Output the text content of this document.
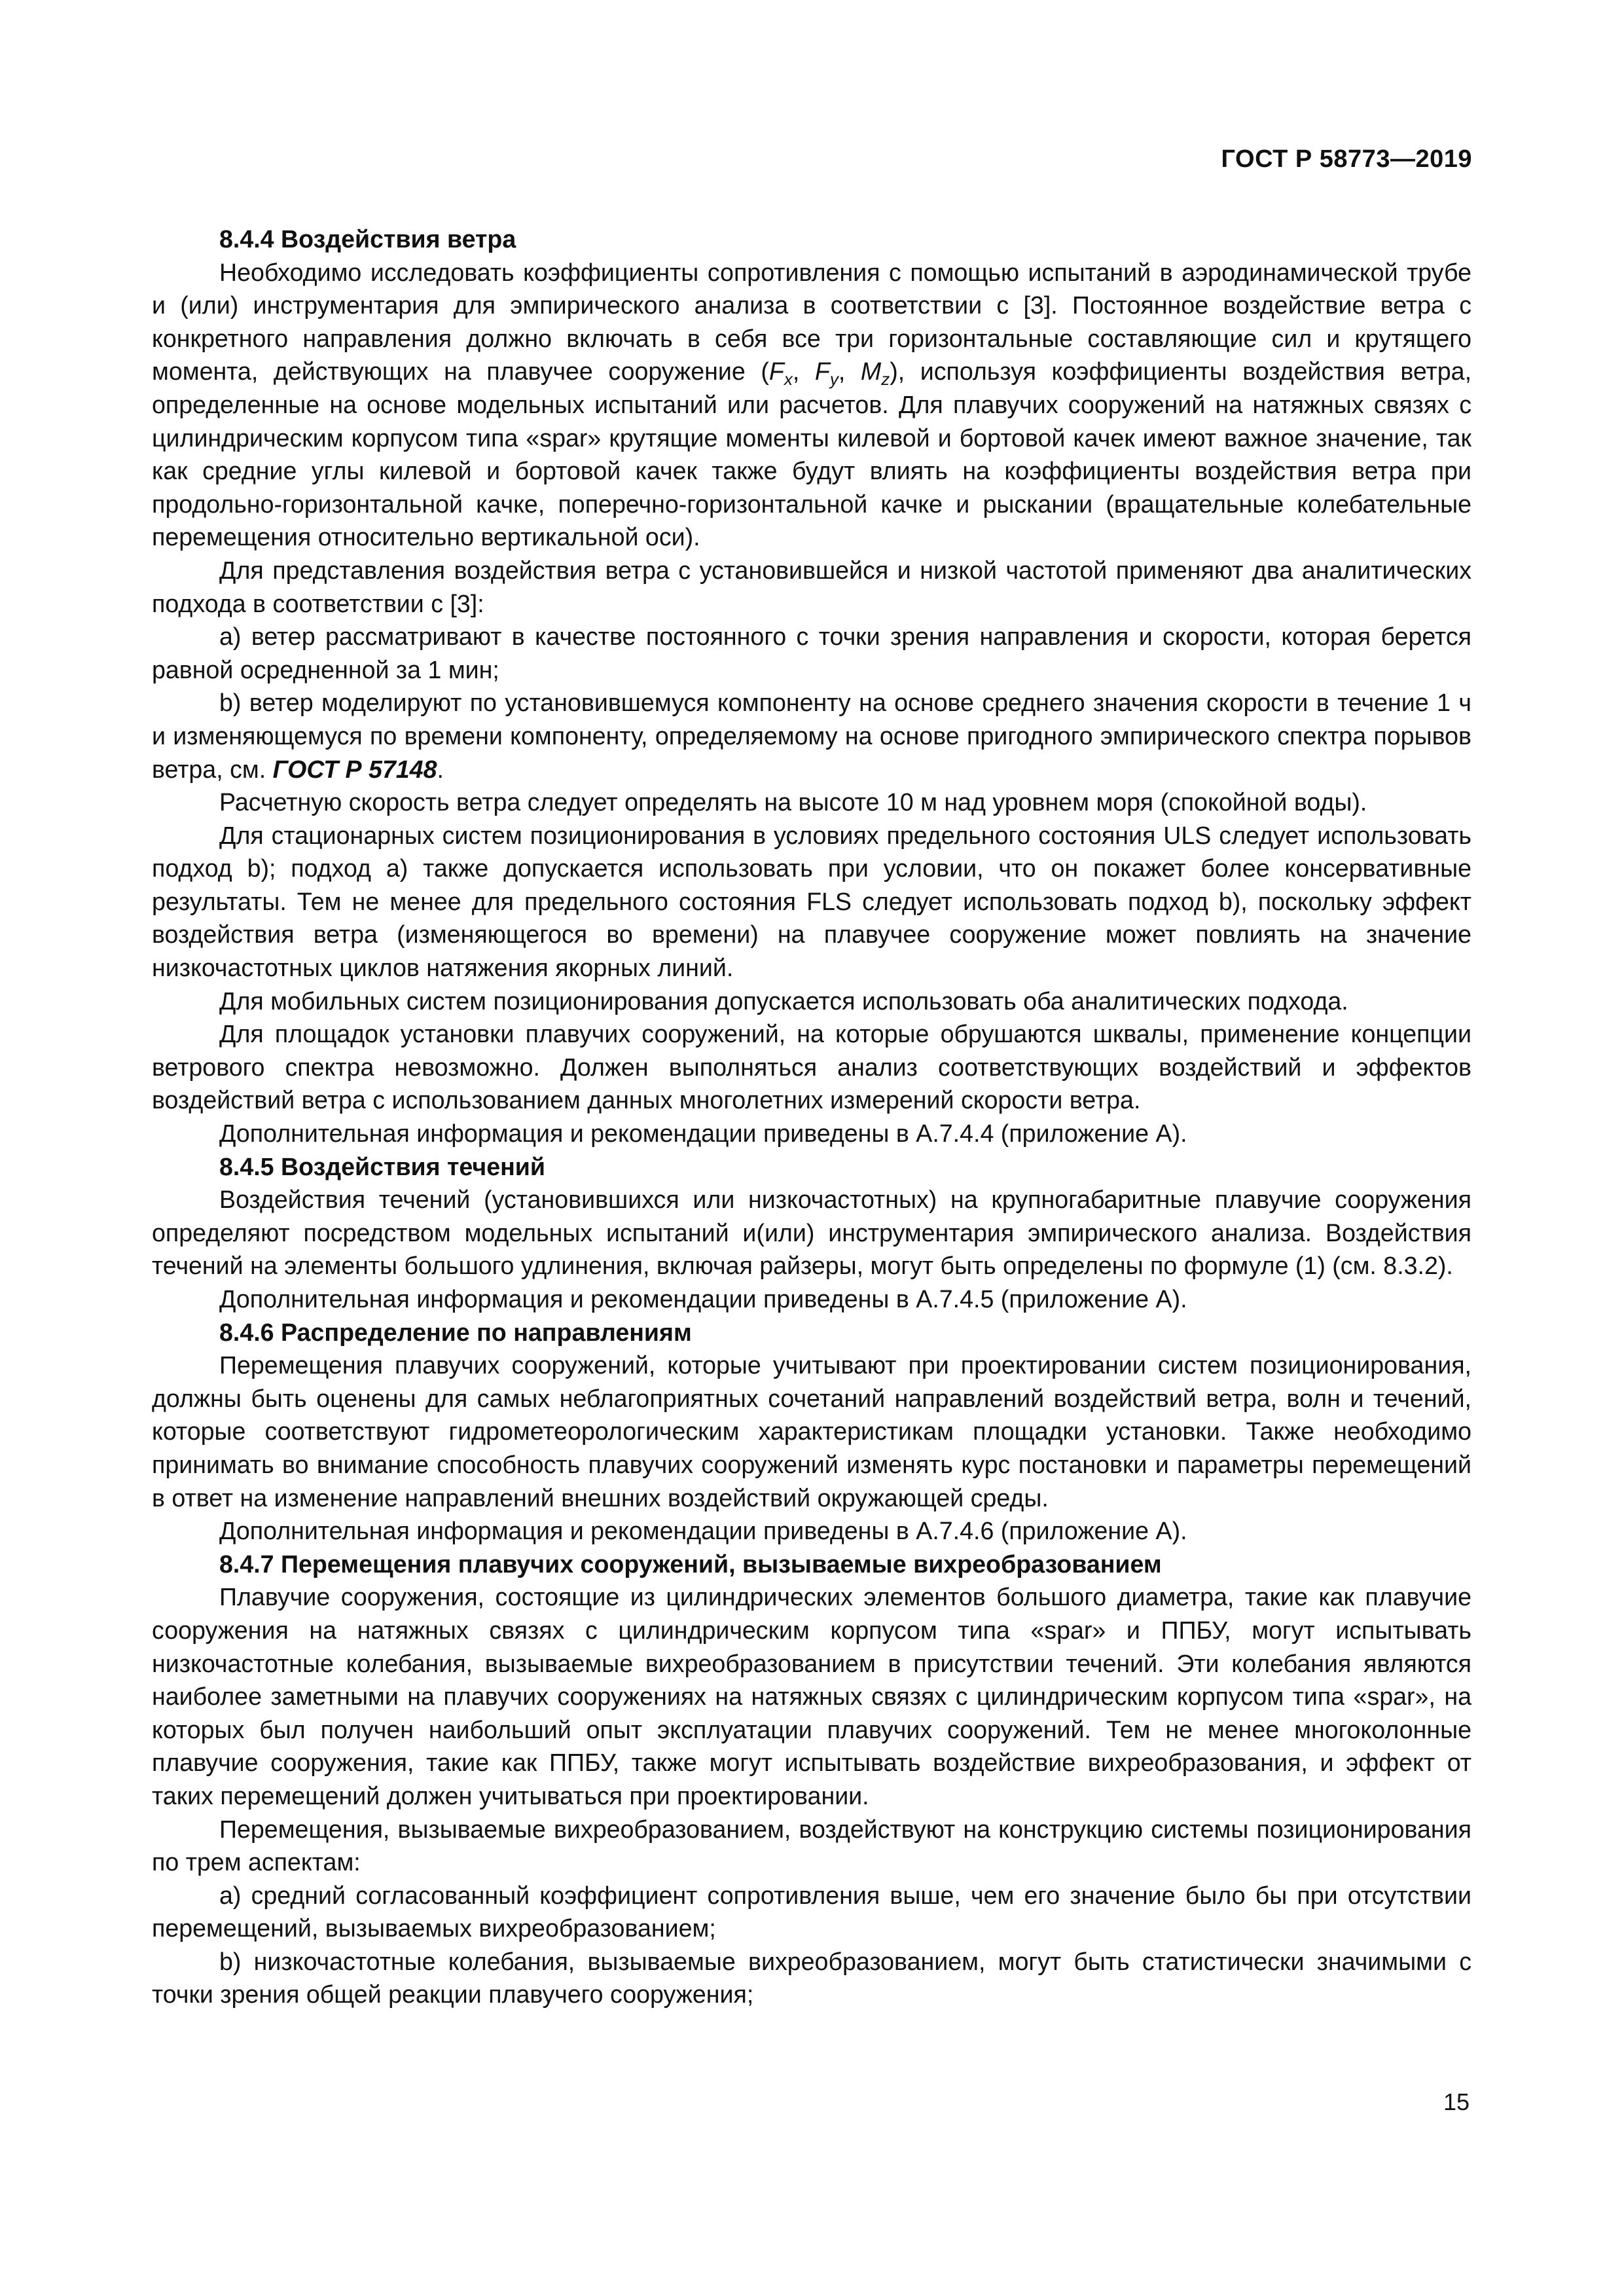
ГОСТ Р 58773—2019

8.4.4 Воздействия ветра

Необходимо исследовать коэффициенты сопротивления с помощью испытаний в аэродинамической трубе и (или) инструментария для эмпирического анализа в соответствии с [3]. Постоянное воздействие ветра с конкретного направления должно включать в себя все три горизонтальные составляющие сил и крутящего момента, действующих на плавучее сооружение ($F_x$, $F_y$, $M_z$), используя коэффициенты воздействия ветра, определенные на основе модельных испытаний или расчетов. Для плавучих сооружений на натяжных связях с цилиндрическим корпусом типа «spar» крутящие моменты килевой и бортовой качек имеют важное значение, так как средние углы килевой и бортовой качек также будут влиять на коэффициенты воздействия ветра при продольно-горизонтальной качке, поперечно-горизонтальной качке и рыскании (вращательные колебательные перемещения относительно вертикальной оси).

Для представления воздействия ветра с установившейся и низкой частотой применяют два аналитических подхода в соответствии с [3]:

а) ветер рассматривают в качестве постоянного с точки зрения направления и скорости, которая берется равной осредненной за 1 мин;

b) ветер моделируют по установившемуся компоненту на основе среднего значения скорости в течение 1 ч и изменяющемуся по времени компоненту, определяемому на основе пригодного эмпирического спектра порывов ветра, см. ГОСТ Р 57148.

Расчетную скорость ветра следует определять на высоте 10 м над уровнем моря (спокойной воды).

Для стационарных систем позиционирования в условиях предельного состояния ULS следует использовать подход b); подход а) также допускается использовать при условии, что он покажет более консервативные результаты. Тем не менее для предельного состояния FLS следует использовать подход b), поскольку эффект воздействия ветра (изменяющегося во времени) на плавучее сооружение может повлиять на значение низкочастотных циклов натяжения якорных линий.

Для мобильных систем позиционирования допускается использовать оба аналитических подхода.

Для площадок установки плавучих сооружений, на которые обрушаются шквалы, применение концепции ветрового спектра невозможно. Должен выполняться анализ соответствующих воздействий и эффектов воздействий ветра с использованием данных многолетних измерений скорости ветра.

Дополнительная информация и рекомендации приведены в А.7.4.4 (приложение А).

8.4.5 Воздействия течений

Воздействия течений (установившихся или низкочастотных) на крупногабаритные плавучие сооружения определяют посредством модельных испытаний и(или) инструментария эмпирического анализа. Воздействия течений на элементы большого удлинения, включая райзеры, могут быть определены по формуле (1) (см. 8.3.2).

Дополнительная информация и рекомендации приведены в А.7.4.5 (приложение А).

8.4.6 Распределение по направлениям

Перемещения плавучих сооружений, которые учитывают при проектировании систем позиционирования, должны быть оценены для самых неблагоприятных сочетаний направлений воздействий ветра, волн и течений, которые соответствуют гидрометеорологическим характеристикам площадки установки. Также необходимо принимать во внимание способность плавучих сооружений изменять курс постановки и параметры перемещений в ответ на изменение направлений внешних воздействий окружающей среды.

Дополнительная информация и рекомендации приведены в А.7.4.6 (приложение А).

8.4.7 Перемещения плавучих сооружений, вызываемые вихреобразованием

Плавучие сооружения, состоящие из цилиндрических элементов большого диаметра, такие как плавучие сооружения на натяжных связях с цилиндрическим корпусом типа «spar» и ППБУ, могут испытывать низкочастотные колебания, вызываемые вихреобразованием в присутствии течений. Эти колебания являются наиболее заметными на плавучих сооружениях на натяжных связях с цилиндрическим корпусом типа «spar», на которых был получен наибольший опыт эксплуатации плавучих сооружений. Тем не менее многоколонные плавучие сооружения, такие как ППБУ, также могут испытывать воздействие вихреобразования, и эффект от таких перемещений должен учитываться при проектировании.

Перемещения, вызываемые вихреобразованием, воздействуют на конструкцию системы позиционирования по трем аспектам:

а) средний согласованный коэффициент сопротивления выше, чем его значение было бы при отсутствии перемещений, вызываемых вихреобразованием;

b) низкочастотные колебания, вызываемые вихреобразованием, могут быть статистически значимыми с точки зрения общей реакции плавучего сооружения;

15
